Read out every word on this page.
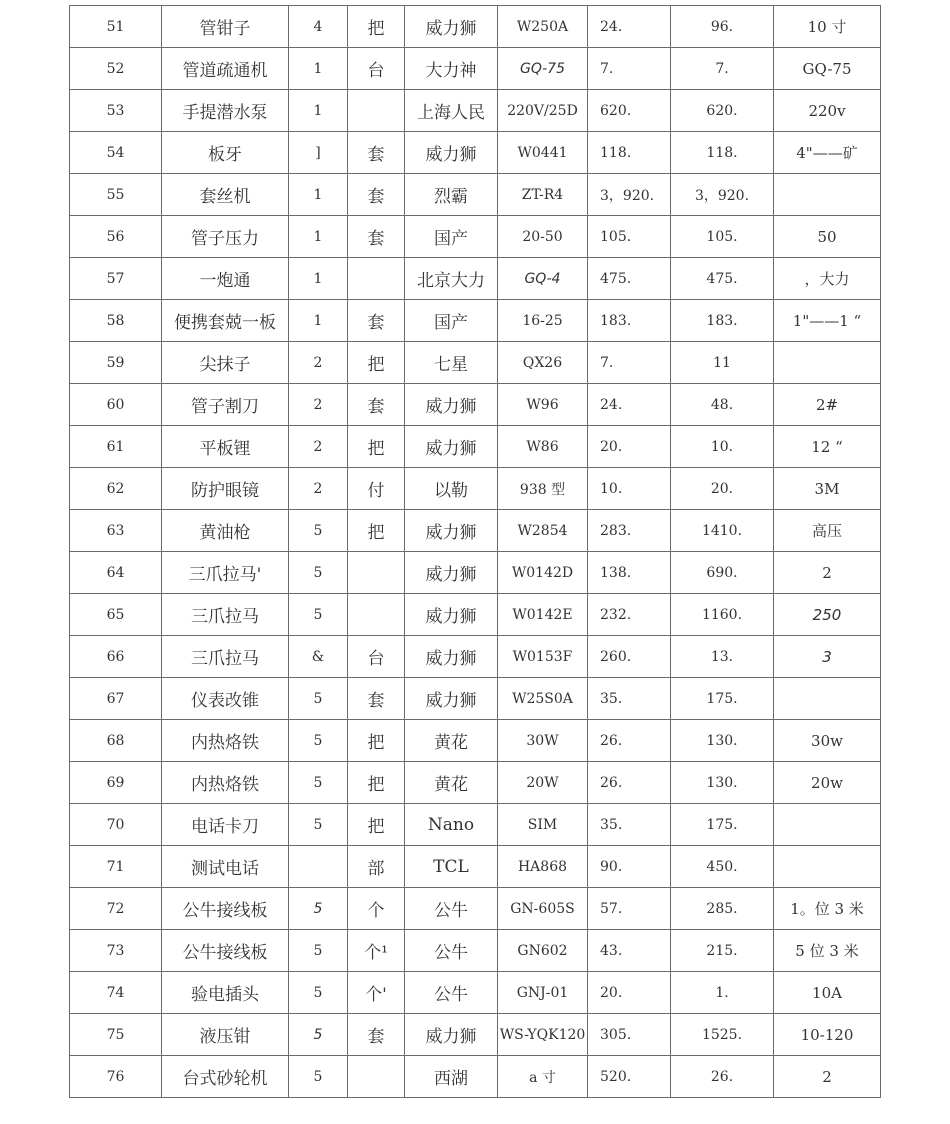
51	管钳子	4	把	威力狮	W250A	24.	96.	10 寸
52	管道疏通机	1	台	大力神	GQ-75	7.	7.	GQ-75
53	手提潜水泵	1		上海人民	220V/25D	620.	620.	220v
54	板牙	]	套	威力狮	W0441	118.	118.	4"——矿
55	套丝机	1	套	烈霸	ZT-R4	3，920.	3，920.	
56	管子压力	1	套	国产	20-50	105.	105.	50
57	一炮通	1		北京大力	GQ-4	475.	475.	，大力
58	便携套兢一板	1	套	国产	16-25	183.	183.	1"——1 “
59	尖抹子	2	把	七星	QX26	7.	11	
60	管子割刀	2	套	威力狮	W96	24.	48.	2#
61	平板锂	2	把	威力狮	W86	20.	10.	12 “
62	防护眼镜	2	付	以勒	938 型	10.	20.	3M
63	黄油枪	5	把	威力狮	W2854	283.	1410.	高压
64	三爪拉马'	5		威力狮	W0142D	138.	690.	2
65	三爪拉马	5		威力狮	W0142E	232.	1160.	250
66	三爪拉马	&	台	威力狮	W0153F	260.	13.	3
67	仪表改锥	5	套	威力狮	W25S0A	35.	175.	
68	内热烙铁	5	把	黄花	30W	26.	130.	30w
69	内热烙铁	5	把	黄花	20W	26.	130.	20w
70	电话卡刀	5	把	Nano	SIM	35.	175.	
71	测试电话		部	TCL	HA868	90.	450.	
72	公牛接线板	5	个	公牛	GN-605S	57.	285.	1。位 3 米
73	公牛接线板	5	个¹	公牛	GN602	43.	215.	5 位 3 米
74	验电插头	5	个'	公牛	GNJ-01	20.	1.	10A
75	液压钳	5	套	威力狮	WS-YQK120	305.	1525.	10-120
76	台式砂轮机	5		西湖	a 寸	520.	26.	2
